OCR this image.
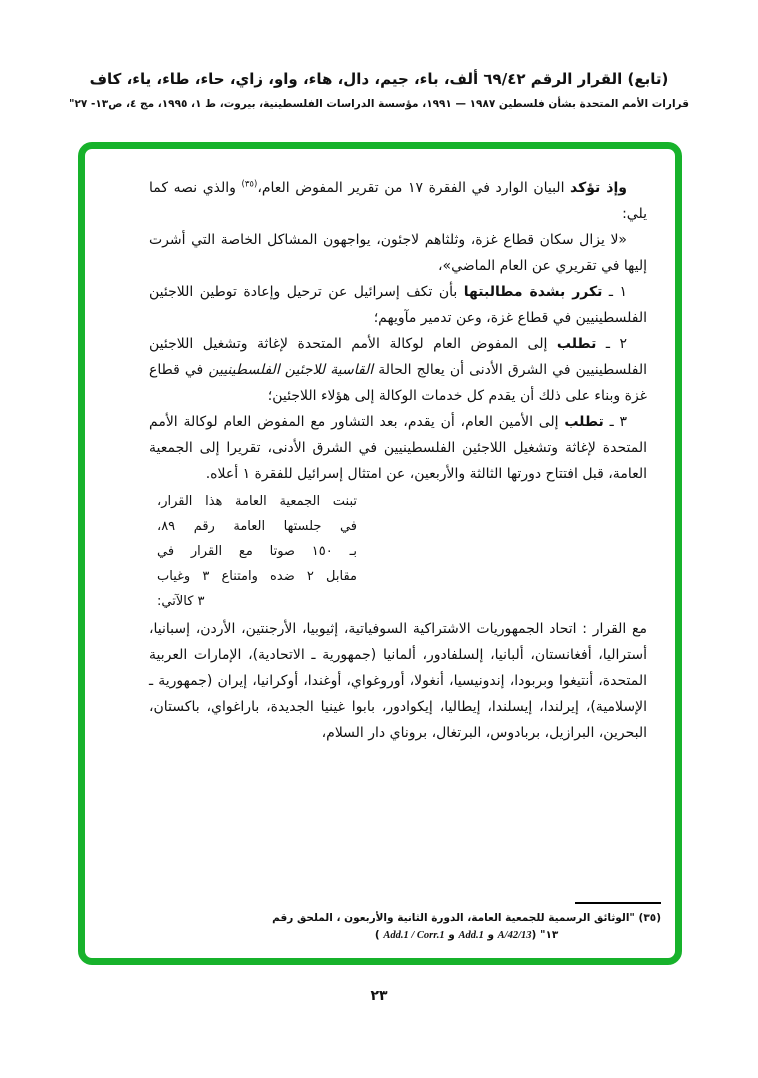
(تابع) القرار الرقم ٦٩/٤٢ ألف، باء، جيم، دال، هاء، واو، زاي، حاء، طاء، ياء، كاف
قرارات الأمم المتحدة بشأن فلسطين ١٩٨٧ — ١٩٩١، مؤسسة الدراسات الفلسطينية، بيروت، ط ١، ١٩٩٥، مج ٤، ص١٣- ٢٧"

وإذ تؤكد البيان الوارد في الفقرة ١٧ من تقرير المفوض العام،$^{(٣٥)}$ والذي نصه كما يلي:

«لا يزال سكان قطاع غزة، وثلثاهم لاجئون، يواجهون المشاكل الخاصة التي أشرت إليها في تقريري عن العام الماضي»،

١ ـ تكرر بشدة مطالبتها بأن تكف إسرائيل عن ترحيل وإعادة توطين اللاجئين الفلسطينيين في قطاع غزة، وعن تدمير مآويهم؛

٢ ـ تطلب إلى المفوض العام لوكالة الأمم المتحدة لإغاثة وتشغيل اللاجئين الفلسطينيين في الشرق الأدنى أن يعالج الحالة القاسية للاجئين الفلسطينيين في قطاع غزة وبناء على ذلك أن يقدم كل خدمات الوكالة إلى هؤلاء اللاجئين؛

٣ ـ تطلب إلى الأمين العام، أن يقدم، بعد التشاور مع المفوض العام لوكالة الأمم المتحدة لإغاثة وتشغيل اللاجئين الفلسطينيين في الشرق الأدنى، تقريرا إلى الجمعية العامة، قبل افتتاح دورتها الثالثة والأربعين، عن امتثال إسرائيل للفقرة ١ أعلاه.

تبنت الجمعية العامة هذا القرار،
في جلستها العامة رقم ٨٩،
بـ ١٥٠ صوتا مع القرار في
مقابل ٢ ضده وامتناع ٣ وغياب
٣ كالآتي:

مع القرار : اتحاد الجمهوريات الاشتراكية السوفياتية، إثيوبيا، الأرجنتين، الأردن، إسبانيا، أستراليا، أفغانستان، ألبانيا، إلسلفادور، ألمانيا (جمهورية ـ الاتحادية)، الإمارات العربية المتحدة، أنتيغوا وبربودا، إندونيسيا، أنغولا، أوروغواي، أوغندا، أوكرانيا، إيران (جمهورية ـ الإسلامية)، إيرلندا، إيسلندا، إيطاليا، إيكوادور، بابوا غينيا الجديدة، باراغواي، باكستان، البحرين، البرازيل، بربادوس، البرتغال، بروناي دار السلام،

(٣٥) "الوثائق الرسمية للجمعية العامة، الدورة الثانية والأربعون ، الملحق رقم
١٣" (A/42/13 و Add.1 و Add.1 / Corr.1 )
٢٣
